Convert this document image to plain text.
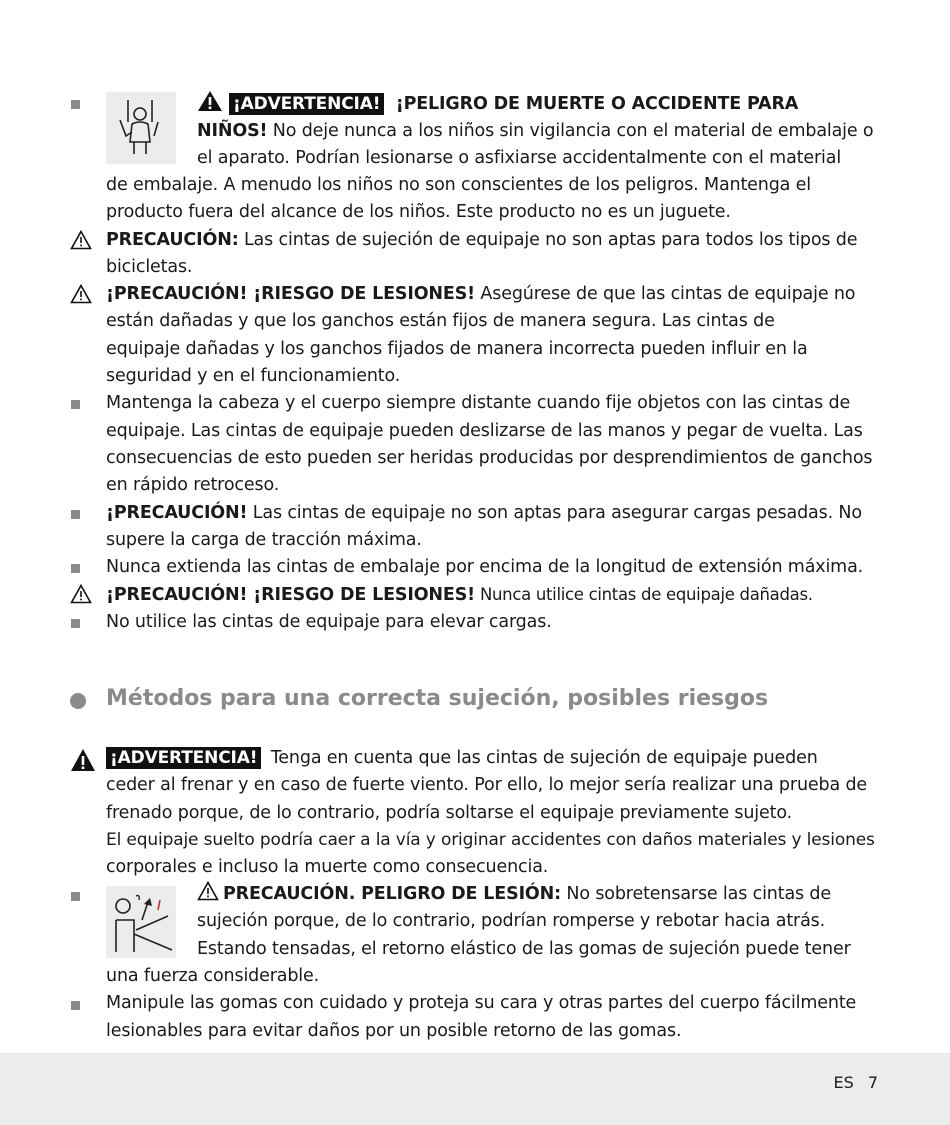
¡ADVERTENCIA! ¡PELIGRO DE MUERTE O ACCIDENTE PARA
NIÑOS! No deje nunca a los niños sin vigilancia con el material de embalaje o
el aparato. Podrían lesionarse o asfixiarse accidentalmente con el material
de embalaje. A menudo los niños no son conscientes de los peligros. Mantenga el
producto fuera del alcance de los niños. Este producto no es un juguete.
PRECAUCIÓN: Las cintas de sujeción de equipaje no son aptas para todos los tipos de
bicicletas.
¡PRECAUCIÓN! ¡RIESGO DE LESIONES! Asegúrese de que las cintas de equipaje no
están dañadas y que los ganchos están fijos de manera segura. Las cintas de
equipaje dañadas y los ganchos fijados de manera incorrecta pueden influir en la
seguridad y en el funcionamiento.
Mantenga la cabeza y el cuerpo siempre distante cuando fije objetos con las cintas de
equipaje. Las cintas de equipaje pueden deslizarse de las manos y pegar de vuelta. Las
consecuencias de esto pueden ser heridas producidas por desprendimientos de ganchos
en rápido retroceso.
¡PRECAUCIÓN! Las cintas de equipaje no son aptas para asegurar cargas pesadas. No
supere la carga de tracción máxima.
Nunca extienda las cintas de embalaje por encima de la longitud de extensión máxima.
¡PRECAUCIÓN! ¡RIESGO DE LESIONES! Nunca utilice cintas de equipaje dañadas.
No utilice las cintas de equipaje para elevar cargas.
Métodos para una correcta sujeción, posibles riesgos
¡ADVERTENCIA! Tenga en cuenta que las cintas de sujeción de equipaje pueden
ceder al frenar y en caso de fuerte viento. Por ello, lo mejor sería realizar una prueba de
frenado porque, de lo contrario, podría soltarse el equipaje previamente sujeto.
El equipaje suelto podría caer a la vía y originar accidentes con daños materiales y lesiones
corporales e incluso la muerte como consecuencia.
PRECAUCIÓN. PELIGRO DE LESIÓN: No sobretensarse las cintas de
sujeción porque, de lo contrario, podrían romperse y rebotar hacia atrás.
Estando tensadas, el retorno elástico de las gomas de sujeción puede tener
una fuerza considerable.
Manipule las gomas con cuidado y proteja su cara y otras partes del cuerpo fácilmente
lesionables para evitar daños por un posible retorno de las gomas.
ES 7
